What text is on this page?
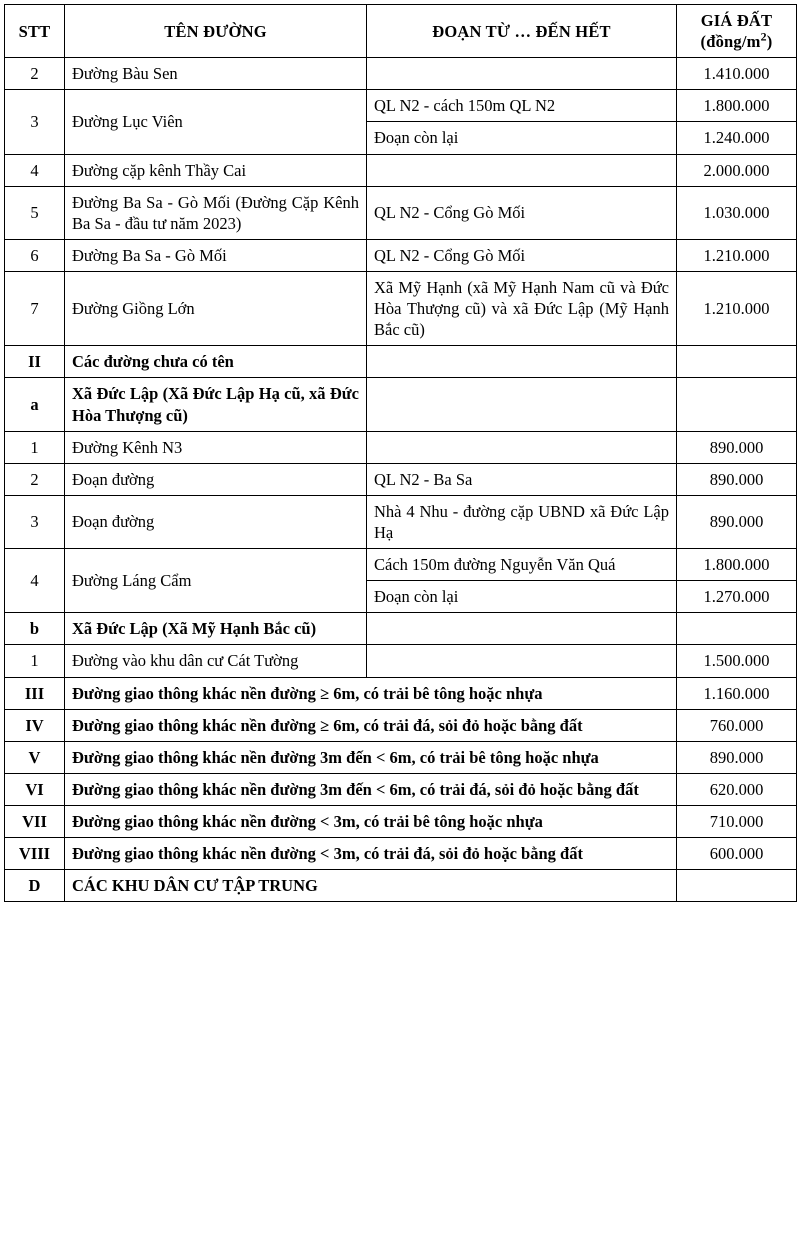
STT	TÊN ĐƯỜNG	ĐOẠN TỪ … ĐẾN HẾT	GIÁ ĐẤT
$(đồng/m^2)$

2	Đường Bàu Sen		1.410.000
3	Đường Lục Viên	QL N2 - cách 150m QL N2	1.800.000
		Đoạn còn lại	1.240.000
4	Đường cặp kênh Thầy Cai		2.000.000
5	Đường Ba Sa - Gò Mối (Đường Cặp Kênh Ba Sa - đầu tư năm 2023)	QL N2 - Cổng Gò Mối	1.030.000
6	Đường Ba Sa - Gò Mối	QL N2 - Cổng Gò Mối	1.210.000
7	Đường Giồng Lớn	Xã Mỹ Hạnh (xã Mỹ Hạnh Nam cũ và Đức Hòa Thượng cũ) và xã Đức Lập (Mỹ Hạnh Bắc cũ)	1.210.000
II	Các đường chưa có tên		
a	Xã Đức Lập (Xã Đức Lập Hạ cũ, xã Đức Hòa Thượng cũ)		
1	Đường Kênh N3		890.000
2	Đoạn đường	QL N2 - Ba Sa	890.000
3	Đoạn đường	Nhà 4 Nhu - đường cặp UBND xã Đức Lập Hạ	890.000
4	Đường Láng Cẩm	Cách 150m đường Nguyễn Văn Quá	1.800.000
		Đoạn còn lại	1.270.000
b	Xã Đức Lập (Xã Mỹ Hạnh Bắc cũ)		
1	Đường vào khu dân cư Cát Tường		1.500.000
III	Đường giao thông khác nền đường ≥ 6m, có trải bê tông hoặc nhựa		1.160.000
IV	Đường giao thông khác nền đường ≥ 6m, có trải đá, sỏi đỏ hoặc bằng đất		760.000
V	Đường giao thông khác nền đường 3m đến < 6m, có trải bê tông hoặc nhựa		890.000
VI	Đường giao thông khác nền đường 3m đến < 6m, có trải đá, sỏi đỏ hoặc bằng đất		620.000
VII	Đường giao thông khác nền đường < 3m, có trải bê tông hoặc nhựa		710.000
VIII	Đường giao thông khác nền đường < 3m, có trải đá, sỏi đỏ hoặc bằng đất		600.000
D	CÁC KHU DÂN CƯ TẬP TRUNG		
